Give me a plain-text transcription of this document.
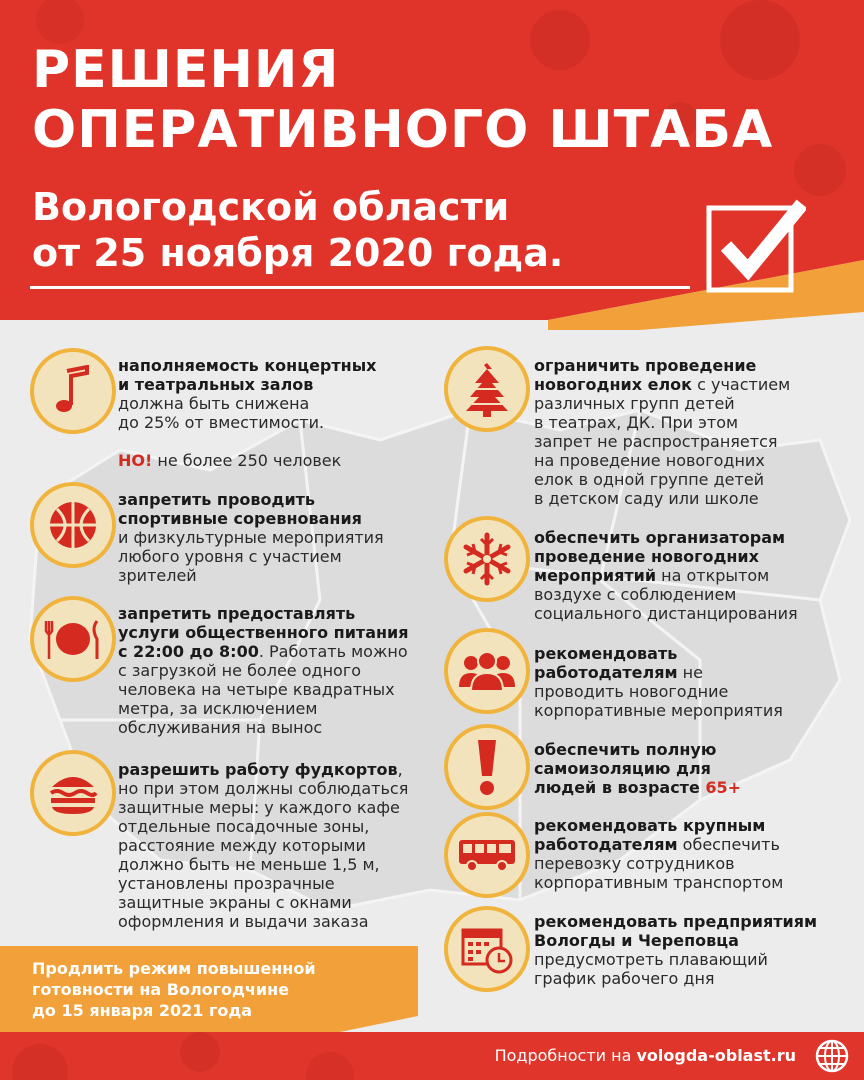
РЕШЕНИЯ
ОПЕРАТИВНОГО ШТАБА
Вологодской области
от 25 ноября 2020 года.
наполняемость концертных
и театральных залов
должна быть снижена
до 25% от вместимости.

НО! не более 250 человек
запретить проводить
спортивные соревнования
и физкультурные мероприятия
любого уровня с участием
зрителей
запретить предоставлять
услуги общественного питания
с 22:00 до 8:00. Работать можно
с загрузкой не более одного
человека на четыре квадратных
метра, за исключением
обслуживания на вынос
разрешить работу фудкортов,
но при этом должны соблюдаться
защитные меры: у каждого кафе
отдельные посадочные зоны,
расстояние между которыми
должно быть не меньше 1,5 м,
установлены прозрачные
защитные экраны с окнами
оформления и выдачи заказа
ограничить проведение
новогодних елок с участием
различных групп детей
в театрах, ДК. При этом
запрет не распространяется
на проведение новогодних
елок в одной группе детей
в детском саду или школе
обеспечить организаторам
проведение новогодних
мероприятий на открытом
воздухе с соблюдением
социального дистанцирования
рекомендовать
работодателям не
проводить новогодние
корпоративные мероприятия
обеспечить полную
самоизоляцию для
людей в возрасте 65+
рекомендовать крупным
работодателям обеспечить
перевозку сотрудников
корпоративным транспортом
рекомендовать предприятиям
Вологды и Череповца
предусмотреть плавающий
график рабочего дня
Продлить режим повышенной
готовности на Вологодчине
до 15 января 2021 года
Подробности на vologda-oblast.ru
